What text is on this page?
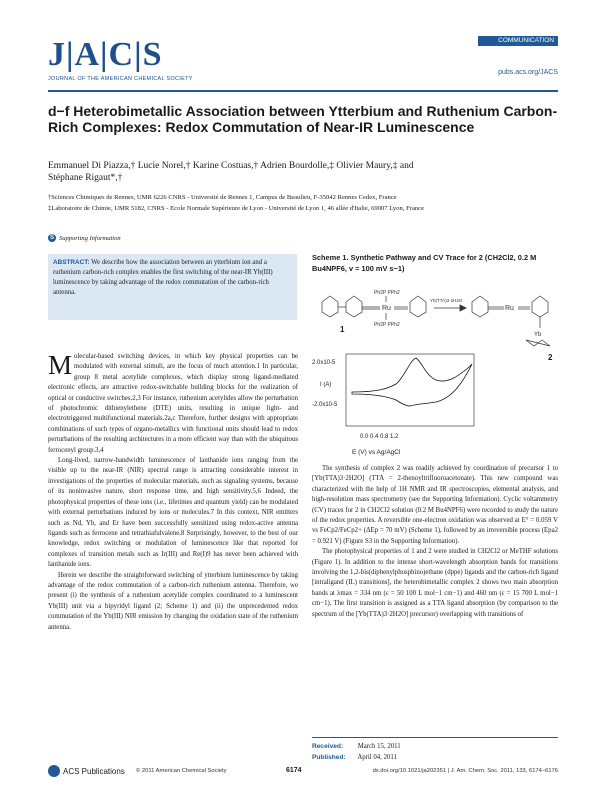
J|A|C|S
JOURNAL OF THE AMERICAN CHEMICAL SOCIETY
COMMUNICATION
pubs.acs.org/JACS
d−f Heterobimetallic Association between Ytterbium and Ruthenium Carbon-Rich Complexes: Redox Commutation of Near-IR Luminescence
Emmanuel Di Piazza,† Lucie Norel,† Karine Costuas,† Adrien Bourdolle,‡ Olivier Maury,‡ and
Stéphane Rigaut*,†
†Sciences Chimiques de Rennes, UMR 6226 CNRS - Université de Rennes 1, Campus de Beaulieu, F-35042 Rennes Cedex, France
‡Laboratoire de Chimie, UMR 5182, CNRS - Ecole Normale Supérieure de Lyon - Université de Lyon 1, 46 allée d'Italie, 69007 Lyon, France
S Supporting Information
ABSTRACT: We describe how the association between an ytterbium ion and a ruthenium carbon-rich complex enables the first switching of the near-IR Yb(III) luminescence by taking advantage of the redox commutation of the carbon-rich antenna.

Molecular-based switching devices, in which key physical properties can be modulated with external stimuli, are the focus of much attention.1 In particular, group 8 metal acetylide complexes, which display strong ligand-mediated electronic effects, are attractive redox-switchable building blocks for the realization of optical or conductive switches.2,3 For instance, ruthenium acetylides allow the perturbation of photochromic dithienylethene (DTE) units, resulting in unique light- and electrotriggered multifunctional materials.2a,c Therefore, further designs with appropriate combinations of such types of organo-metallics with functional units should lead to redox perturbations of the resulting architectures in a more efficient way than with the ubiquitous ferrocenyl group.3,4

Long-lived, narrow-bandwidth luminescence of lanthanide ions ranging from the visible up to the near-IR (NIR) spectral range is attracting considerable interest in investigations of the properties of molecular materials, such as signaling systems, because of its noninvasive nature, short response time, and high sensitivity.5,6 Indeed, the photophysical properties of these ions (i.e., lifetimes and quantum yield) can be modulated with external perturbations induced by ions or molecules.7 In this context, NIR emitters such as Nd, Yb, and Er have been successfully sensitized using redox-active antenna ligands such as ferrocene and tetrathiafulvalene.8 Surprisingly, however, to the best of our knowledge, redox switching or modulation of luminescence like that reported for complexes of transition metals such as Ir(III) and Re(I)9 has never been achieved with lanthanide ions.

Herein we describe the straightforward switching of ytterbium luminescence by taking advantage of the redox commutation of a carbon-rich ruthenium antenna. Therefore, we present (i) the synthesis of a ruthenium acetylide complex coordinated to a luminescent Yb(III) unit via a bipyridyl ligand (2; Scheme 1) and (ii) the unprecedented redox commutation of the Yb(III) NIR emission by changing the oxidation state of the ruthenium antenna.

Scheme 1. Synthetic Pathway and CV Trace for 2 (CH2Cl2, 0.2 M Bu4NPF6, v = 100 mV s−1)
Ru
Ph2P PPh2
Ph2P PPh2
1
Yb(TTA)3·2H2O
Ru
Yb
2
2.0x10-5
-2.0x10-5
I (A)
0.0 0.4 0.8 1.2
E (V) vs Ag/AgCl

The synthesis of complex 2 was readily achieved by coordination of precursor 1 to [Yb(TTA)3·2H2O] (TTA = 2-thenoyltrifluoroacetonate). This new compound was characterized with the help of 1H NMR and IR spectroscopies, elemental analysis, and high-resolution mass spectrometry (see the Supporting Information). Cyclic voltammetry (CV) traces for 2 in CH2Cl2 solution (0.2 M Bu4NPF6) were recorded to study the nature of the redox properties. A reversible one-electron oxidation was observed at E° = 0.059 V vs FeCp2/FeCp2+ (ΔEp = 70 mV) (Scheme 1), followed by an irreversible process (Epa2 = 0.921 V) (Figure S3 in the Supporting Information).

The photophysical properties of 1 and 2 were studied in CH2Cl2 or MeTHF solutions (Figure 1). In addition to the intense short-wavelength absorption bands for transitions involving the 1,2-bis(diphenylphosphino)ethane (dppe) ligands and the carbon-rich ligand [intraligand (IL) transitions], the heterobimetallic complex 2 shows two main absorption bands at λmax = 334 nm (ε = 50 100 L mol−1 cm−1) and 460 nm (ε = 15 700 L mol−1 cm−1). The first transition is assigned as a TTA ligand absorption (by comparison to the spectrum of the [Yb(TTA)3·2H2O] precursor) overlapping with transitions of

Received: March 15, 2011
Published: April 04, 2011
ACS Publications © 2011 American Chemical Society	6174	dx.doi.org/10.1021/ja202351 | J. Am. Chem. Soc. 2011, 133, 6174–6176
